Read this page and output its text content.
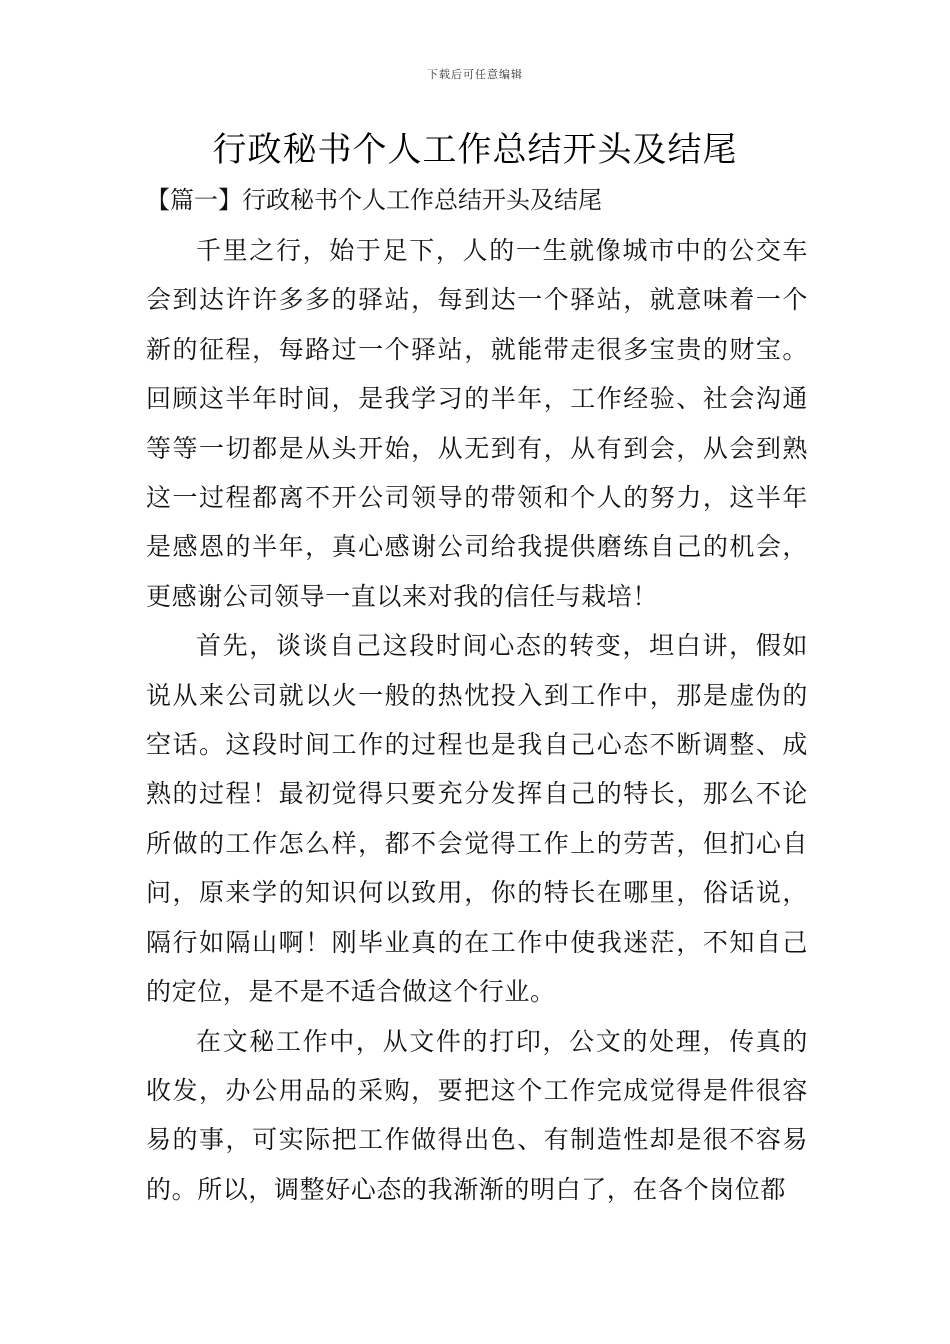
下载后可任意编辑
行政秘书个人工作总结开头及结尾
【篇一】行政秘书个人工作总结开头及结尾

千里之行，始于足下，人的一生就像城市中的公交车会到达许许多多的驿站，每到达一个驿站，就意味着一个新的征程，每路过一个驿站，就能带走很多宝贵的财宝。回顾这半年时间，是我学习的半年，工作经验、社会沟通等等一切都是从头开始，从无到有，从有到会，从会到熟这一过程都离不开公司领导的带领和个人的努力，这半年是感恩的半年，真心感谢公司给我提供磨练自己的机会，更感谢公司领导一直以来对我的信任与栽培！

首先，谈谈自己这段时间心态的转变，坦白讲，假如说从来公司就以火一般的热忱投入到工作中，那是虚伪的空话。这段时间工作的过程也是我自己心态不断调整、成熟的过程！最初觉得只要充分发挥自己的特长，那么不论所做的工作怎么样，都不会觉得工作上的劳苦，但扪心自问，原来学的知识何以致用，你的特长在哪里，俗话说，隔行如隔山啊！刚毕业真的在工作中使我迷茫，不知自己的定位，是不是不适合做这个行业。

在文秘工作中，从文件的打印，公文的处理，传真的收发，办公用品的采购，要把这个工作完成觉得是件很容易的事，可实际把工作做得出色、有制造性却是很不容易的。所以，调整好心态的我渐渐的明白了，在各个岗位都
